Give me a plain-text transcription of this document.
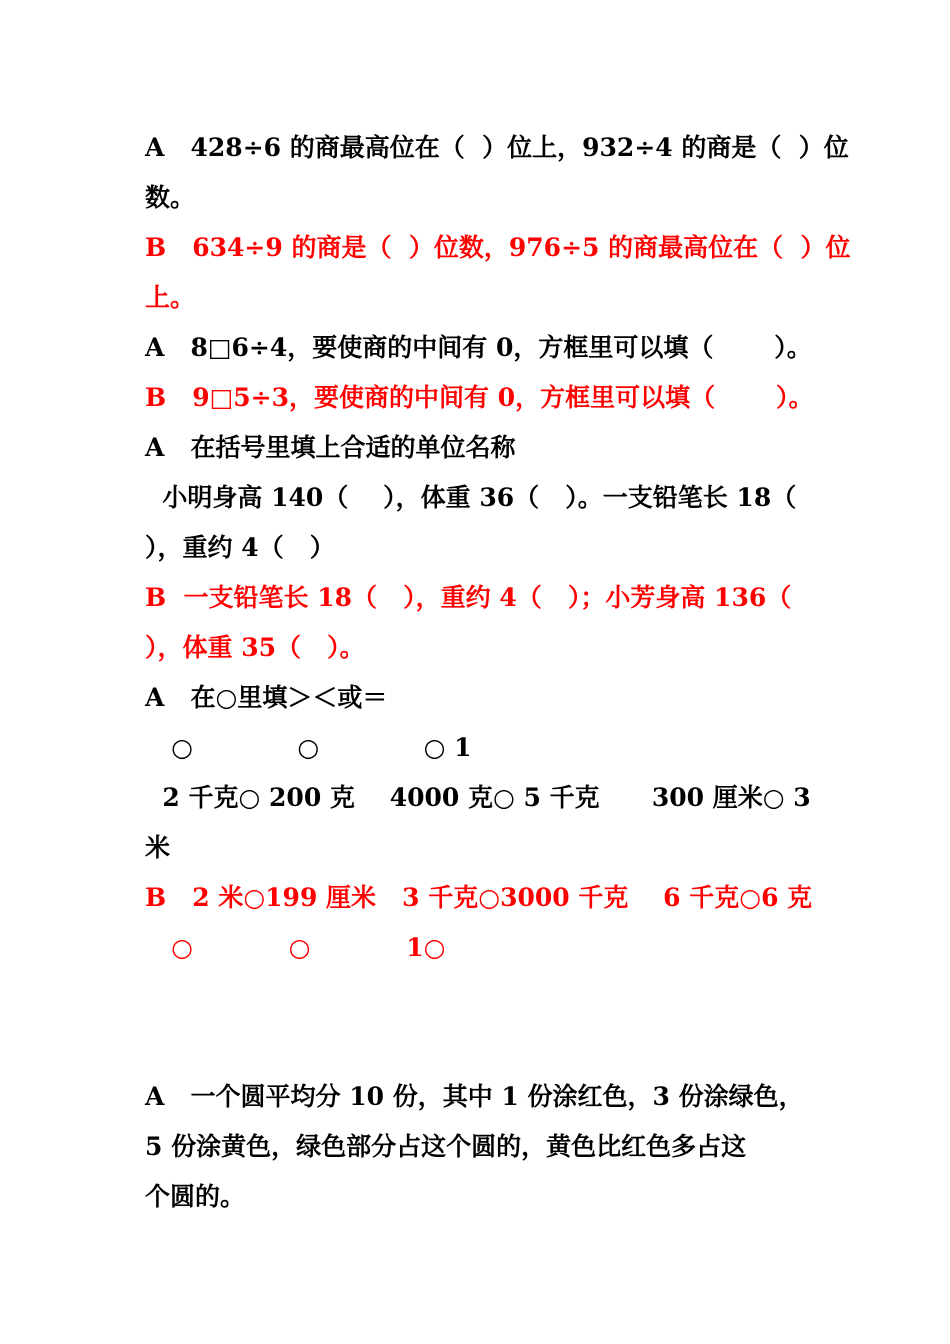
A   428÷6 的商最高位在（  ）位上，932÷4 的商是（  ）位

数。

B   634÷9 的商是（  ）位数，976÷5 的商最高位在（  ）位

上。

A   8□6÷4，要使商的中间有 0，方框里可以填（       ）。

B   9□5÷3，要使商的中间有 0，方框里可以填（       ）。

A   在括号里填上合适的单位名称

小明身高 140（    ），体重 36（   ）。一支铅笔长 18（

），重约 4（   ）

B  一支铅笔长 18（   ），重约 4（   ）；小芳身高 136（

），体重 35（   ）。

A   在○里填＞＜或＝

○            ○            ○ 1

2 千克○ 200 克    4000 克○ 5 千克      300 厘米○ 3

米

B   2 米○199 厘米   3 千克○3000 千克    6 千克○6 克

○           ○           1○

A   一个圆平均分 10 份，其中 1 份涂红色，3 份涂绿色，

5 份涂黄色，绿色部分占这个圆的，黄色比红色多占这

个圆的。
